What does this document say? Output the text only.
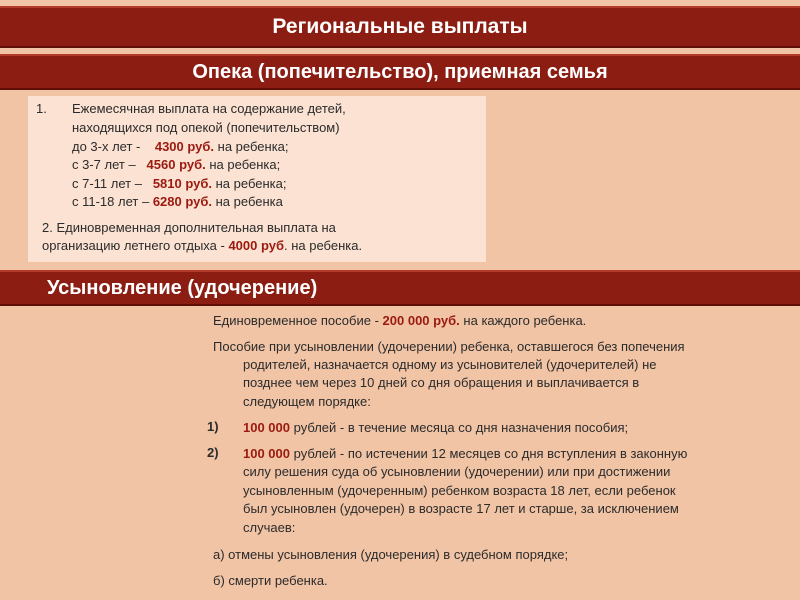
Региональные выплаты
Опека (попечительство), приемная семья
1. Ежемесячная выплата на содержание детей,
находящихся под опекой (попечительством)
до 3-х лет - 4300 руб. на ребенка;
с 3-7 лет – 4560 руб. на ребенка;
с 7-11 лет – 5810 руб. на ребенка;
с 11-18 лет – 6280 руб. на ребенка
2. Единовременная дополнительная выплата на
организацию летнего отдыха - 4000 руб. на ребенка.
Усыновление (удочерение)
Единовременное пособие - 200 000 руб. на каждого ребенка.
Пособие при усыновлении (удочерении) ребенка, оставшегося без попечения
родителей, назначается одному из усыновителей (удочерителей) не
позднее чем через 10 дней со дня обращения и выплачивается в
следующем порядке:
1) 100 000 рублей - в течение месяца со дня назначения пособия;
2) 100 000 рублей - по истечении 12 месяцев со дня вступления в законную
силу решения суда об усыновлении (удочерении) или при достижении
усыновленным (удочеренным) ребенком возраста 18 лет, если ребенок
был усыновлен (удочерен) в возрасте 17 лет и старше, за исключением
случаев:
а) отмены усыновления (удочерения) в судебном порядке;
б) смерти ребенка.
